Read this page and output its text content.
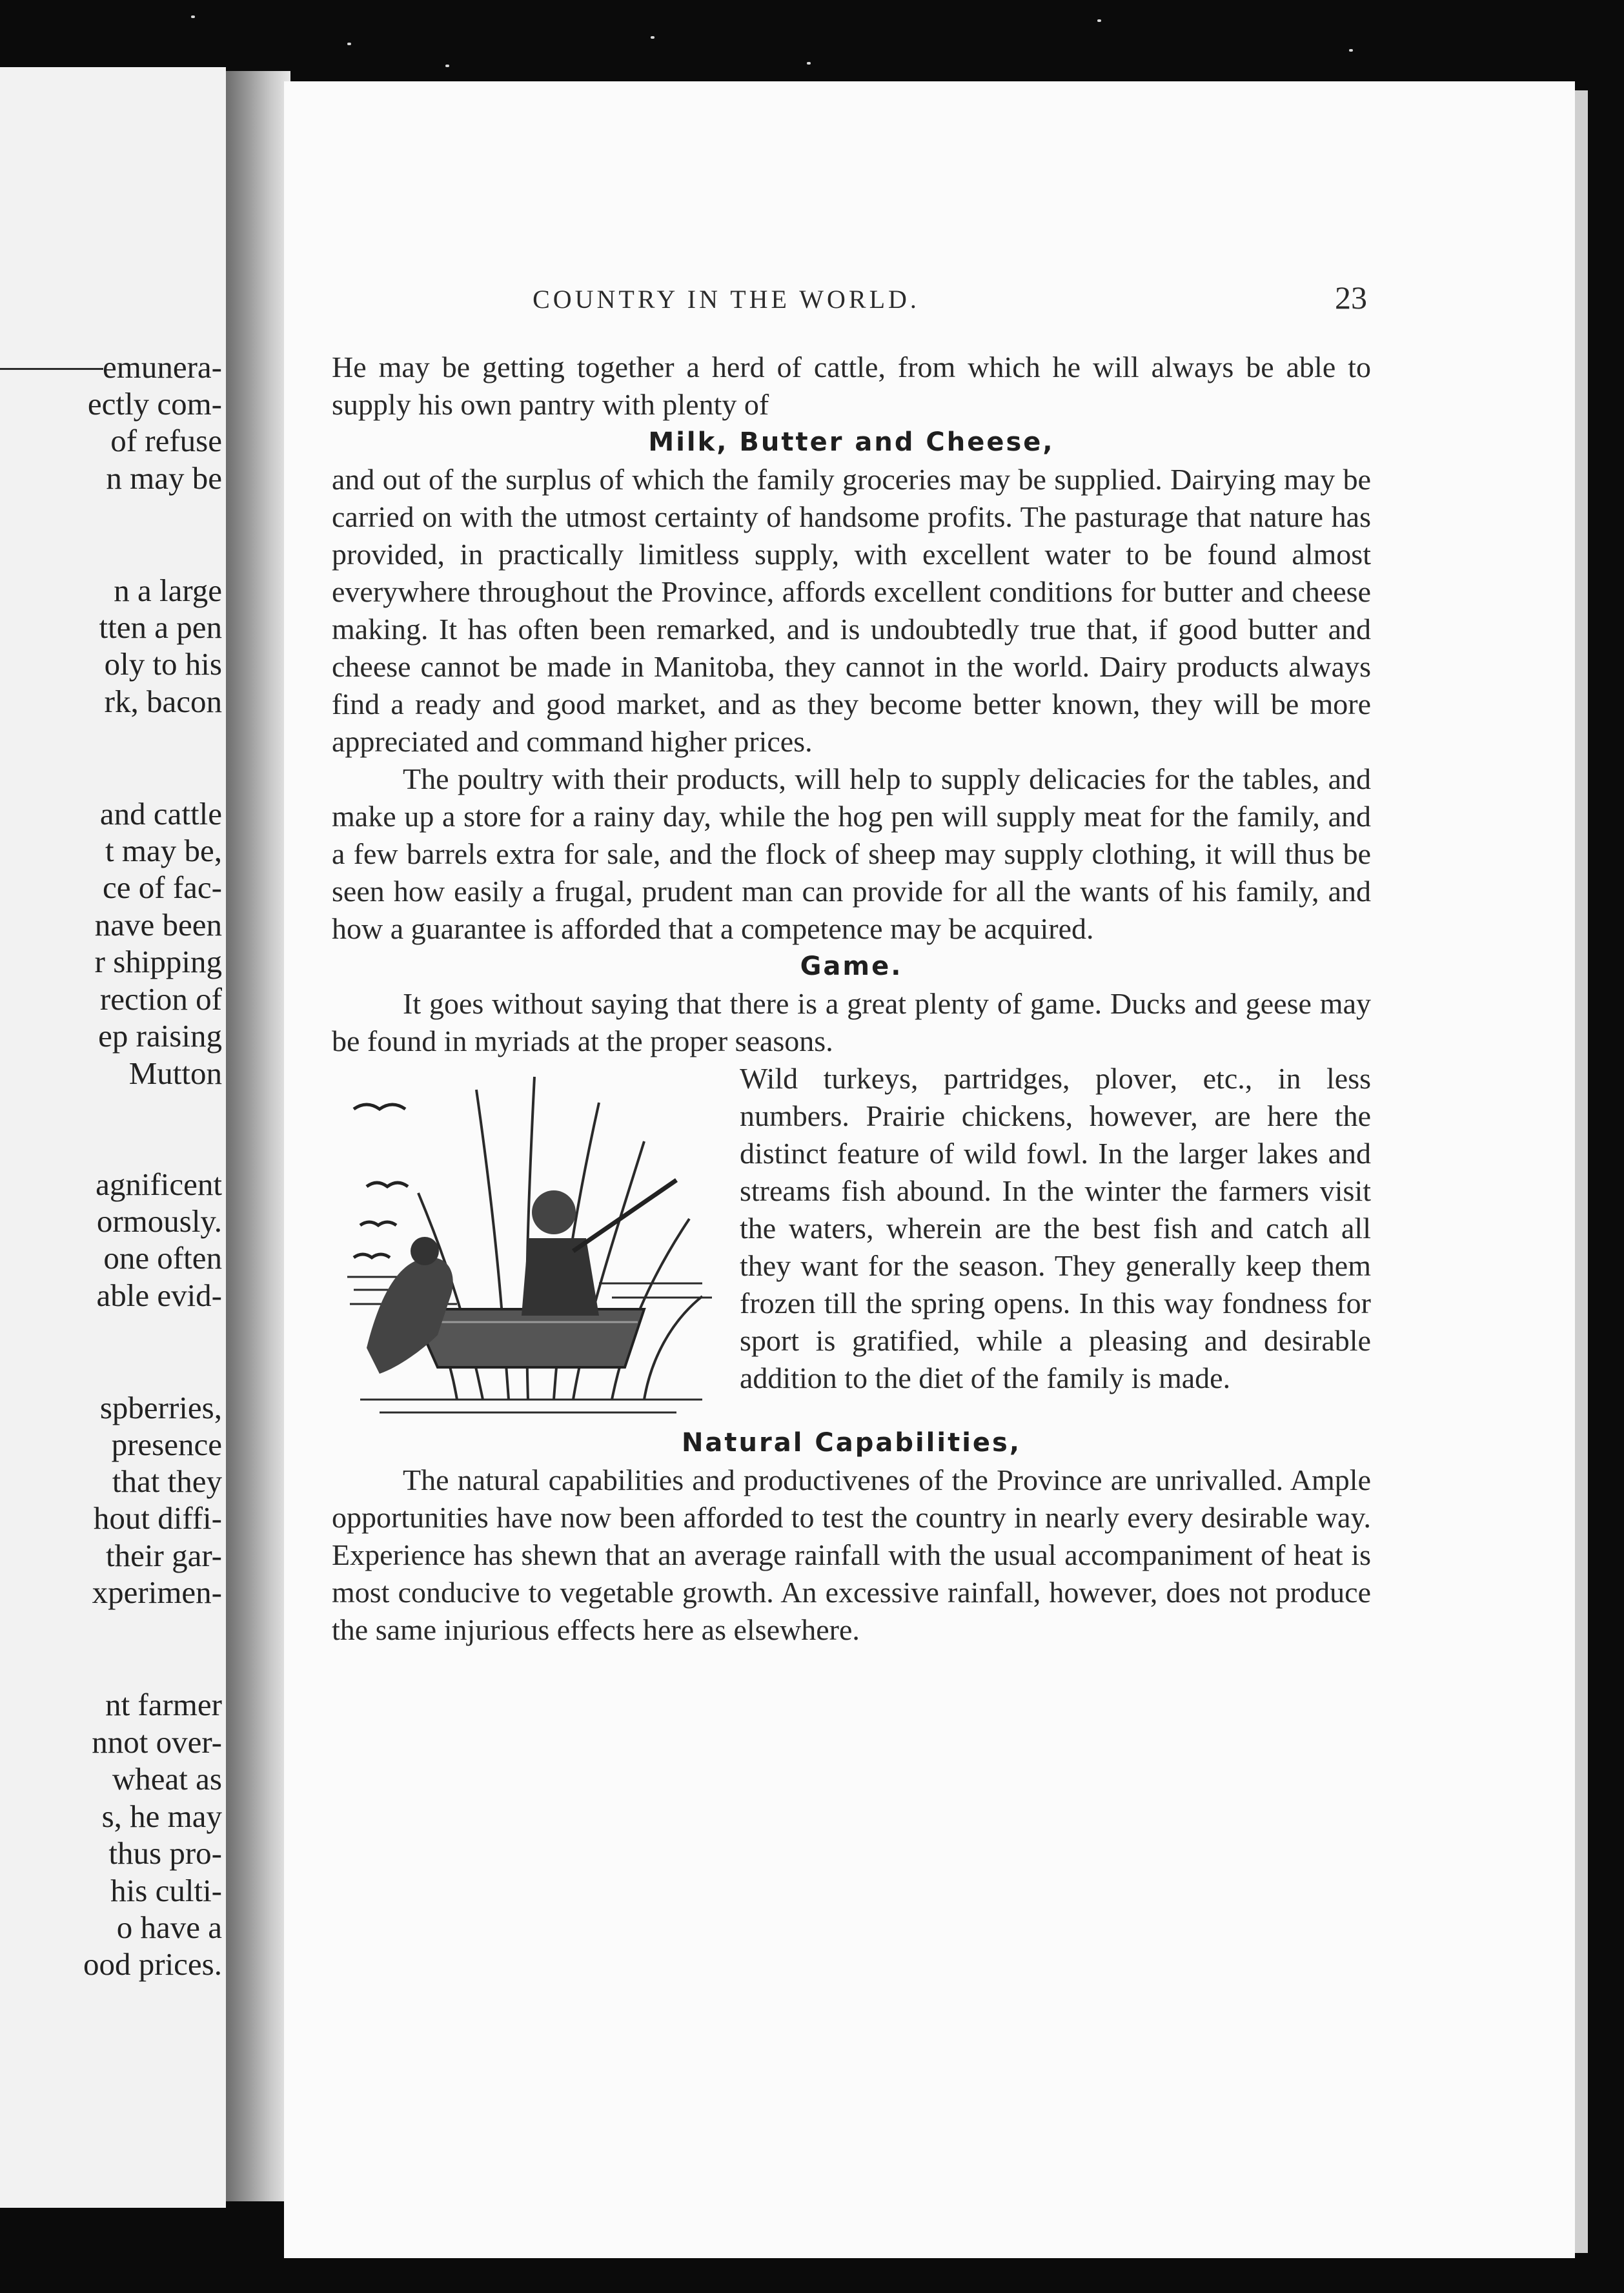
emunera-
ectly com-
of refuse
n may be
n a large
tten a pen
oly to his
rk, bacon
and cattle
t may be,
ce of fac-
nave been
r shipping
rection of
ep raising
Mutton
agnificent
ormously.
one often
able evid-
spberries,
presence
that they
hout diffi-
their gar-
xperimen-
nt farmer
nnot over-
wheat as
s, he may
thus pro-
his culti-
o have a
ood prices.
COUNTRY IN THE WORLD.	23

He may be getting together a herd of cattle, from which he will always be able to supply his own pantry with plenty of

Milk, Butter and Cheese,

and out of the surplus of which the family groceries may be supplied. Dairying may be carried on with the utmost certainty of handsome profits. The pasturage that nature has provided, in practically limitless supply, with excellent water to be found almost everywhere throughout the Province, affords excellent conditions for butter and cheese making. It has often been remarked, and is undoubtedly true that, if good butter and cheese cannot be made in Manitoba, they cannot in the world. Dairy products always find a ready and good market, and as they become better known, they will be more appreciated and command higher prices.

The poultry with their products, will help to supply delicacies for the tables, and make up a store for a rainy day, while the hog pen will supply meat for the family, and a few barrels extra for sale, and the flock of sheep may supply clothing, it will thus be seen how easily a frugal, prudent man can provide for all the wants of his family, and how a guarantee is afforded that a competence may be acquired.

Game.

It goes without saying that there is a great plenty of game. Ducks and geese may be found in myriads at the proper seasons.

Wild turkeys, partridges, plover, etc., in less numbers. Prairie chickens, however, are here the distinct feature of wild fowl. In the larger lakes and streams fish abound. In the winter the farmers visit the waters, wherein are the best fish and catch all they want for the season. They generally keep them frozen till the spring opens. In this way fondness for sport is gratified, while a pleasing and desirable addition to the diet of the family is made.

Natural Capabilities,

The natural capabilities and productivenes of the Province are unrivalled. Ample opportunities have now been afforded to test the country in nearly every desirable way. Experience has shewn that an average rainfall with the usual accompaniment of heat is most conducive to vegetable growth. An excessive rainfall, however, does not produce the same injurious effects here as elsewhere.
